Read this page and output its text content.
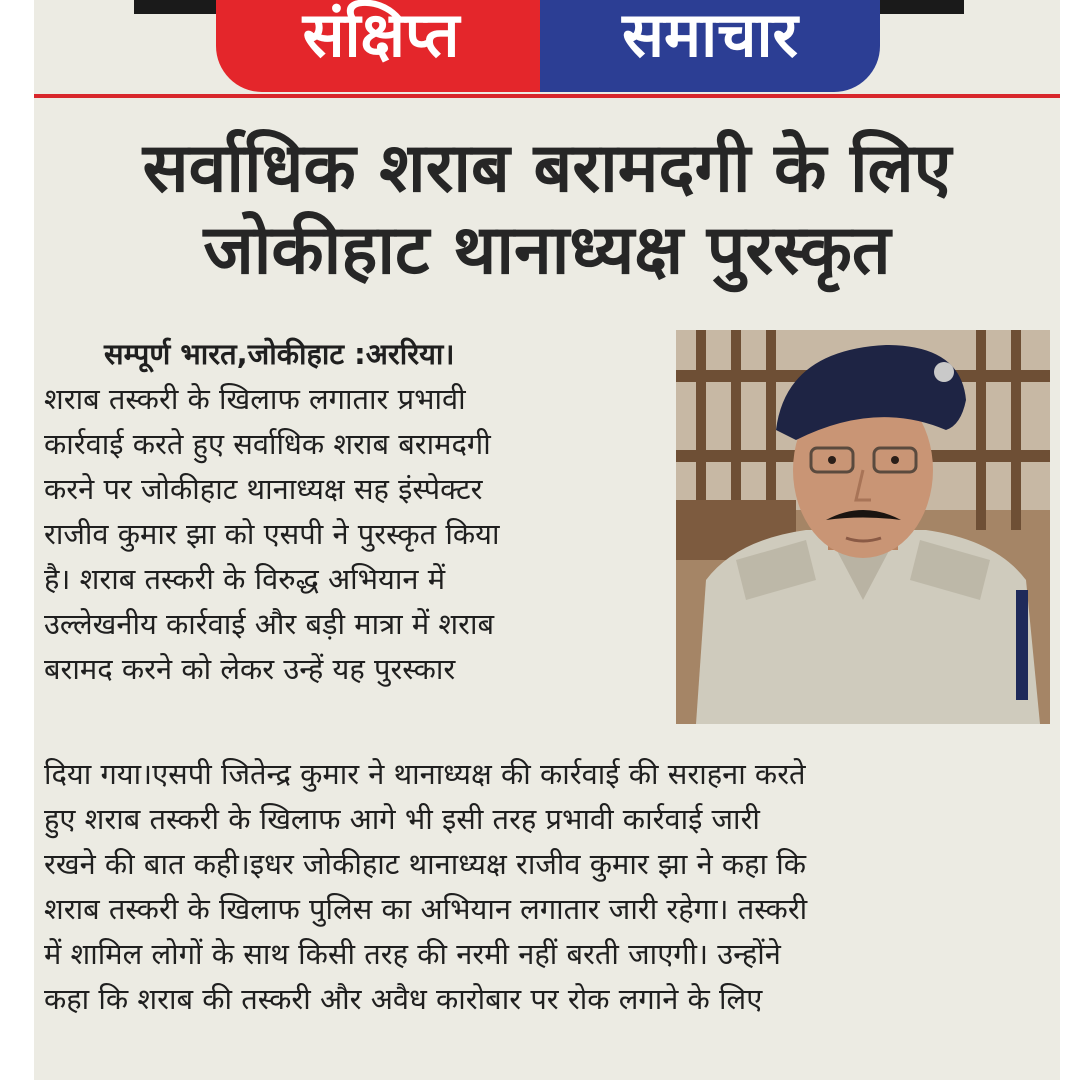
संक्षिप्त	समाचार
सर्वाधिक शराब बरामदगी के लिए
जोकीहाट थानाध्यक्ष पुरस्कृत
सम्पूर्ण भारत,जोकीहाट :अररिया।
शराब तस्करी के खिलाफ लगातार प्रभावी
कार्रवाई करते हुए सर्वाधिक शराब बरामदगी
करने पर जोकीहाट थानाध्यक्ष सह इंस्पेक्टर
राजीव कुमार झा को एसपी ने पुरस्कृत किया
है। शराब तस्करी के विरुद्ध अभियान में
उल्लेखनीय कार्रवाई और बड़ी मात्रा में शराब
बरामद करने को लेकर उन्हें यह पुरस्कार
दिया गया।एसपी जितेन्द्र कुमार ने थानाध्यक्ष की कार्रवाई की सराहना करते
हुए शराब तस्करी के खिलाफ आगे भी इसी तरह प्रभावी कार्रवाई जारी
रखने की बात कही।इधर जोकीहाट थानाध्यक्ष राजीव कुमार झा ने कहा कि
शराब तस्करी के खिलाफ पुलिस का अभियान लगातार जारी रहेगा। तस्करी
में शामिल लोगों के साथ किसी तरह की नरमी नहीं बरती जाएगी। उन्होंने
कहा कि शराब की तस्करी और अवैध कारोबार पर रोक लगाने के लिए
